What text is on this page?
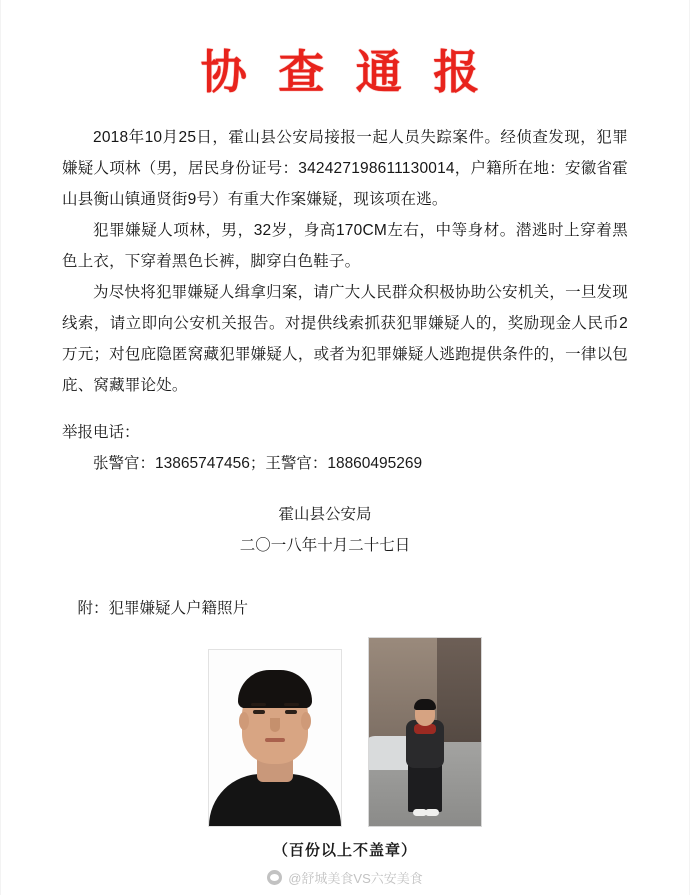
协 查 通 报

2018年10月25日，霍山县公安局接报一起人员失踪案件。经侦查发现，犯罪嫌疑人项林（男，居民身份证号：342427198611130014，户籍所在地：安徽省霍山县衡山镇通贤街9号）有重大作案嫌疑，现该项在逃。

犯罪嫌疑人项林，男，32岁，身高170CM左右，中等身材。潜逃时上穿着黑色上衣，下穿着黑色长裤，脚穿白色鞋子。

为尽快将犯罪嫌疑人缉拿归案，请广大人民群众积极协助公安机关，一旦发现线索，请立即向公安机关报告。对提供线索抓获犯罪嫌疑人的，奖励现金人民币2万元；对包庇隐匿窝藏犯罪嫌疑人，或者为犯罪嫌疑人逃跑提供条件的，一律以包庇、窝藏罪论处。

举报电话：
张警官：13865747456；王警官：18860495269
霍山县公安局
二〇一八年十月二十七日
附：犯罪嫌疑人户籍照片
（百份以上不盖章）
@舒城美食VS六安美食
